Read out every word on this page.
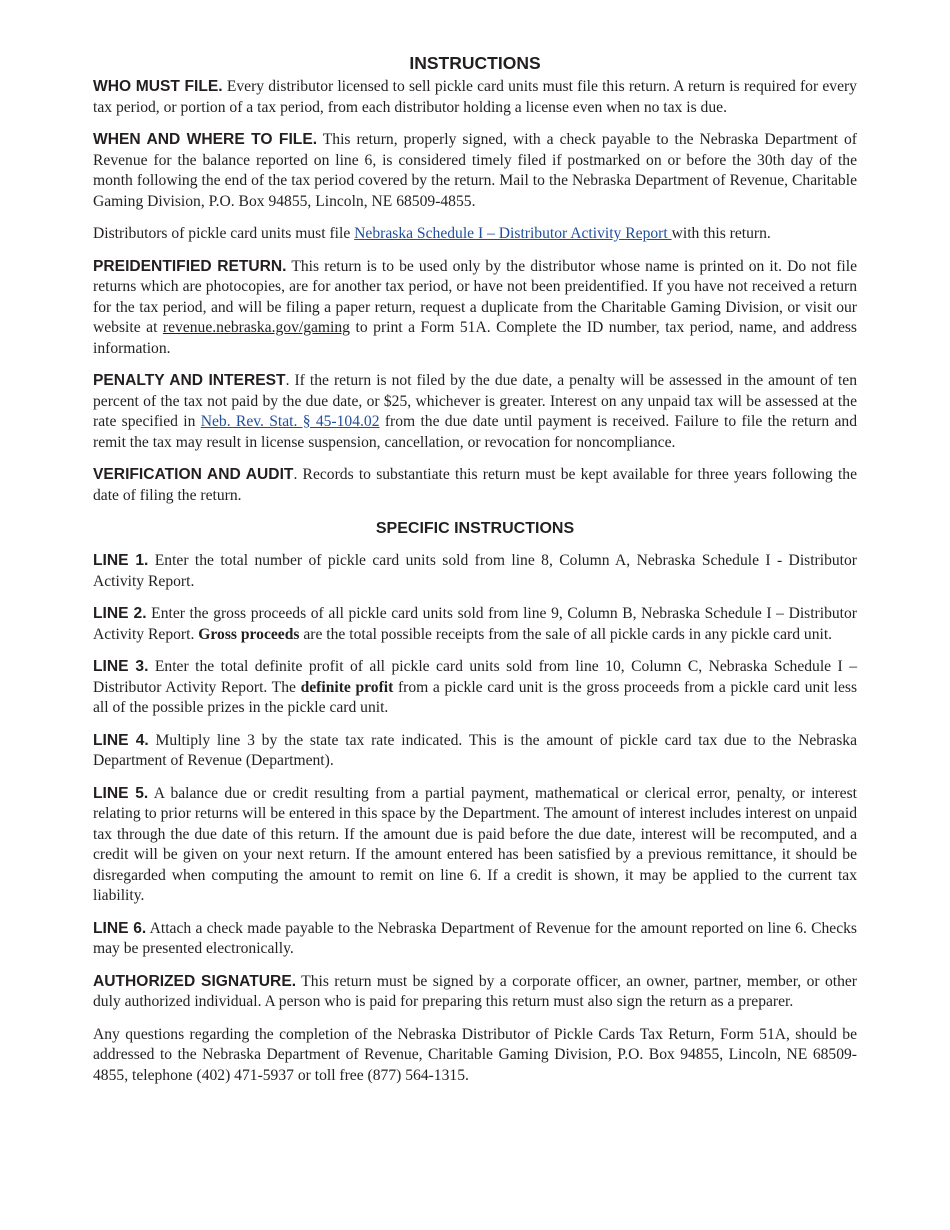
INSTRUCTIONS

WHO MUST FILE. Every distributor licensed to sell pickle card units must file this return. A return is required for every tax period, or portion of a tax period, from each distributor holding a license even when no tax is due.

WHEN AND WHERE TO FILE. This return, properly signed, with a check payable to the Nebraska Department of Revenue for the balance reported on line 6, is considered timely filed if postmarked on or before the 30th day of the month following the end of the tax period covered by the return. Mail to the Nebraska Department of Revenue, Charitable Gaming Division, P.O. Box 94855, Lincoln, NE 68509-4855.

Distributors of pickle card units must file Nebraska Schedule I – Distributor Activity Report with this return.

PREIDENTIFIED RETURN. This return is to be used only by the distributor whose name is printed on it. Do not file returns which are photocopies, are for another tax period, or have not been preidentified. If you have not received a return for the tax period, and will be filing a paper return, request a duplicate from the Charitable Gaming Division, or visit our website at revenue.nebraska.gov/gaming to print a Form 51A. Complete the ID number, tax period, name, and address information.

PENALTY AND INTEREST. If the return is not filed by the due date, a penalty will be assessed in the amount of ten percent of the tax not paid by the due date, or $25, whichever is greater. Interest on any unpaid tax will be assessed at the rate specified in Neb. Rev. Stat. § 45-104.02 from the due date until payment is received. Failure to file the return and remit the tax may result in license suspension, cancellation, or revocation for noncompliance.

VERIFICATION AND AUDIT. Records to substantiate this return must be kept available for three years following the date of filing the return.

SPECIFIC INSTRUCTIONS

LINE 1. Enter the total number of pickle card units sold from line 8, Column A, Nebraska Schedule I - Distributor Activity Report.

LINE 2. Enter the gross proceeds of all pickle card units sold from line 9, Column B, Nebraska Schedule I – Distributor Activity Report. Gross proceeds are the total possible receipts from the sale of all pickle cards in any pickle card unit.

LINE 3. Enter the total definite profit of all pickle card units sold from line 10, Column C, Nebraska Schedule I – Distributor Activity Report. The definite profit from a pickle card unit is the gross proceeds from a pickle card unit less all of the possible prizes in the pickle card unit.

LINE 4. Multiply line 3 by the state tax rate indicated. This is the amount of pickle card tax due to the Nebraska Department of Revenue (Department).

LINE 5. A balance due or credit resulting from a partial payment, mathematical or clerical error, penalty, or interest relating to prior returns will be entered in this space by the Department. The amount of interest includes interest on unpaid tax through the due date of this return. If the amount due is paid before the due date, interest will be recomputed, and a credit will be given on your next return. If the amount entered has been satisfied by a previous remittance, it should be disregarded when computing the amount to remit on line 6. If a credit is shown, it may be applied to the current tax liability.

LINE 6. Attach a check made payable to the Nebraska Department of Revenue for the amount reported on line 6. Checks may be presented electronically.

AUTHORIZED SIGNATURE. This return must be signed by a corporate officer, an owner, partner, member, or other duly authorized individual. A person who is paid for preparing this return must also sign the return as a preparer.

Any questions regarding the completion of the Nebraska Distributor of Pickle Cards Tax Return, Form 51A, should be addressed to the Nebraska Department of Revenue, Charitable Gaming Division, P.O. Box 94855, Lincoln, NE 68509-4855, telephone (402) 471-5937 or toll free (877) 564-1315.
